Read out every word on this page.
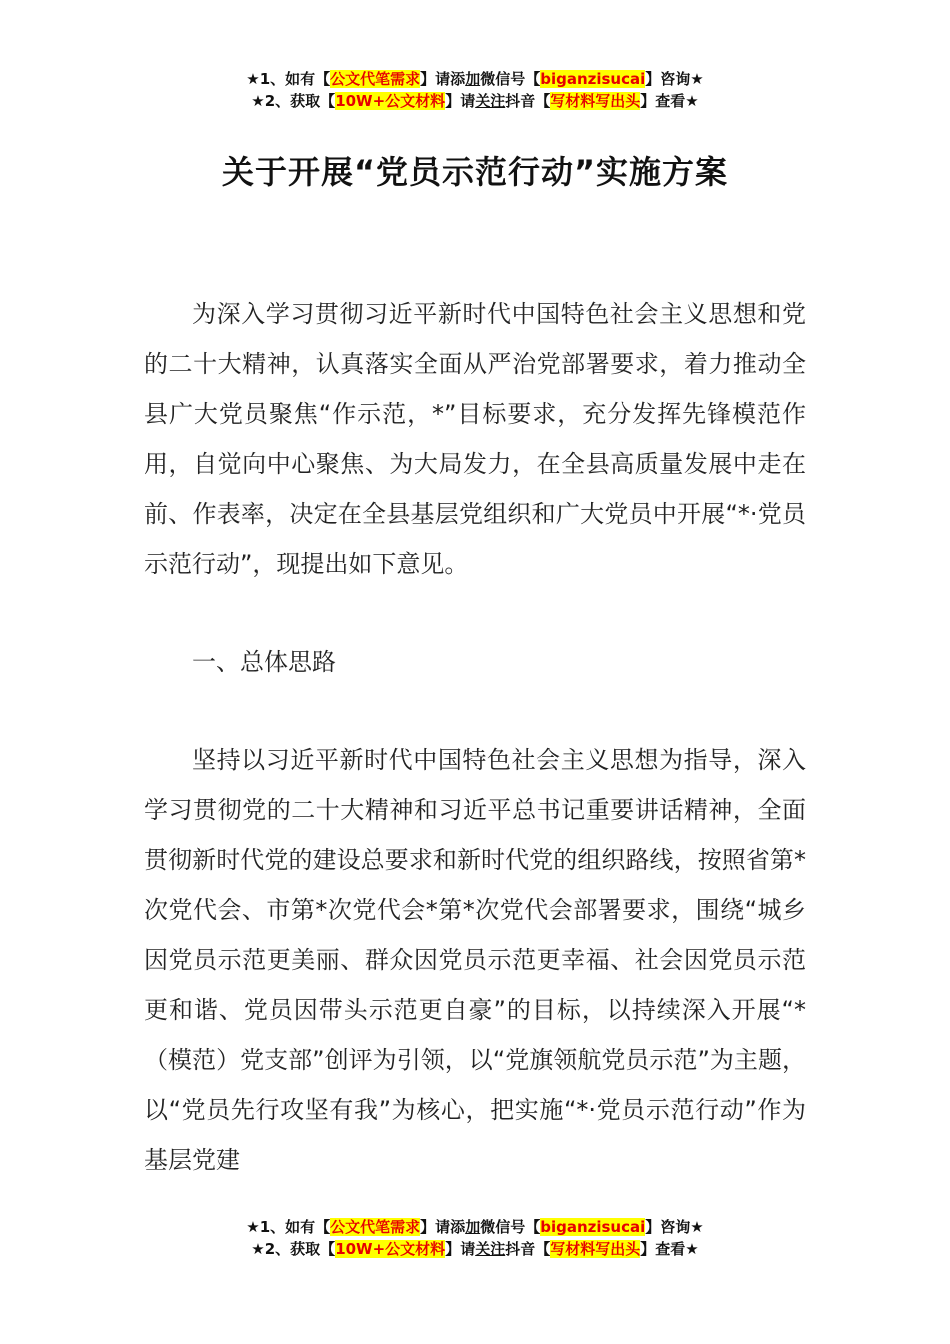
★1、如有【公文代笔需求】请添加微信号【biganzisucai】咨询★
★2、获取【10W+公文材料】请关注抖音【写材料写出头】查看★
关于开展“党员示范行动”实施方案

为深入学习贯彻习近平新时代中国特色社会主义思想和党的二十大精神，认真落实全面从严治党部署要求，着力推动全县广大党员聚焦“作示范，*”目标要求，充分发挥先锋模范作用，自觉向中心聚焦、为大局发力，在全县高质量发展中走在前、作表率，决定在全县基层党组织和广大党员中开展“*·党员示范行动”，现提出如下意见。

一、总体思路

坚持以习近平新时代中国特色社会主义思想为指导，深入学习贯彻党的二十大精神和习近平总书记重要讲话精神，全面贯彻新时代党的建设总要求和新时代党的组织路线，按照省第*次党代会、市第*次党代会*第*次党代会部署要求，围绕“城乡因党员示范更美丽、群众因党员示范更幸福、社会因党员示范更和谐、党员因带头示范更自豪”的目标，以持续深入开展“*（模范）党支部”创评为引领，以“党旗领航党员示范”为主题，以“党员先行攻坚有我”为核心，把实施“*·党员示范行动”作为基层党建

★1、如有【公文代笔需求】请添加微信号【biganzisucai】咨询★
★2、获取【10W+公文材料】请关注抖音【写材料写出头】查看★
